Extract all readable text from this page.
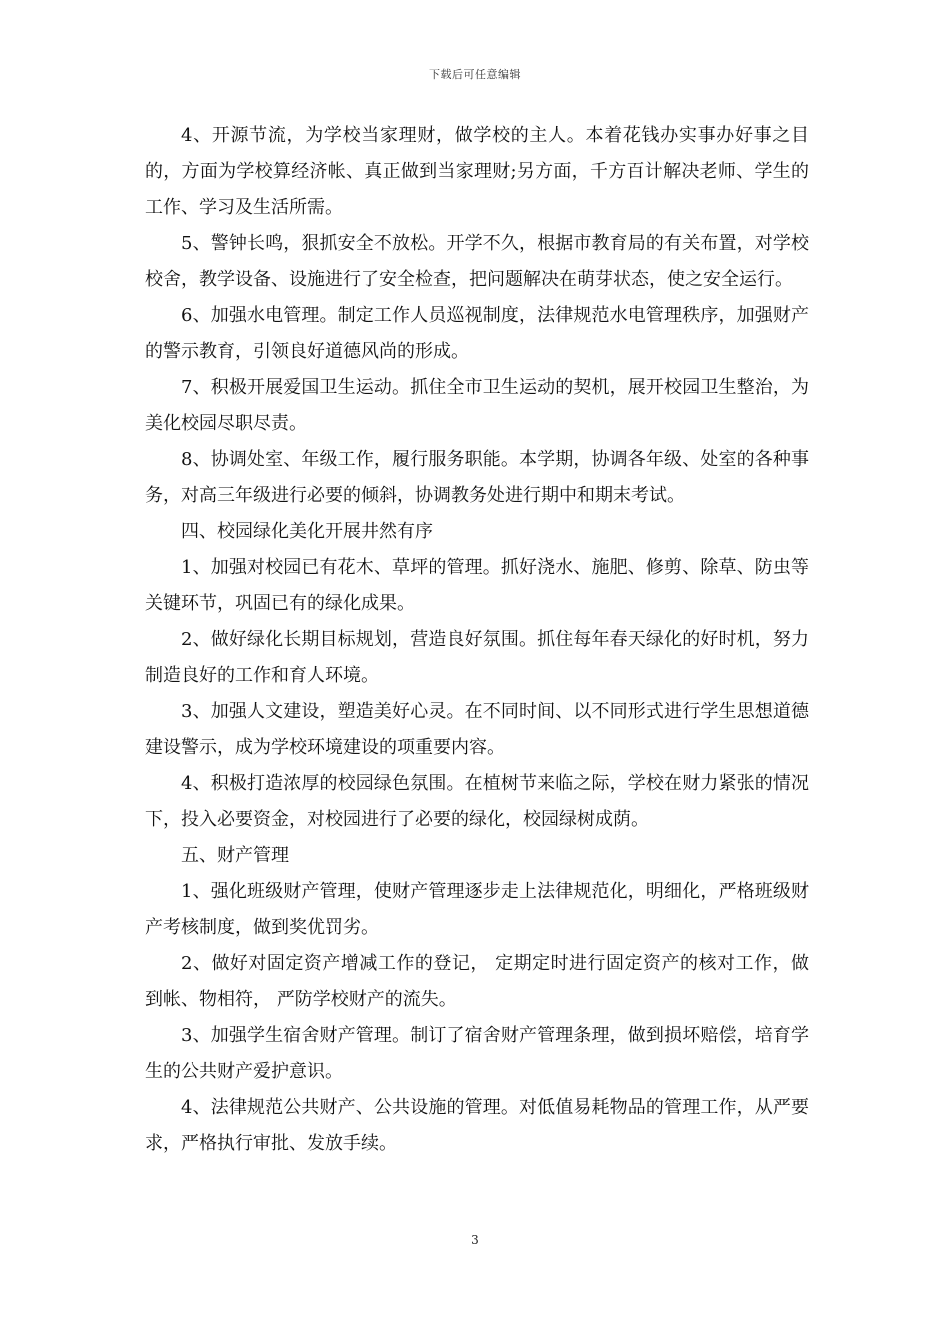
下载后可任意编辑

4、开源节流，为学校当家理财，做学校的主人。本着花钱办实事办好事之目的，方面为学校算经济帐、真正做到当家理财;另方面，千方百计解决老师、学生的工作、学习及生活所需。

5、警钟长鸣，狠抓安全不放松。开学不久，根据市教育局的有关布置，对学校校舍，教学设备、设施进行了安全检查，把问题解决在萌芽状态，使之安全运行。

6、加强水电管理。制定工作人员巡视制度，法律规范水电管理秩序，加强财产的警示教育，引领良好道德风尚的形成。

7、积极开展爱国卫生运动。抓住全市卫生运动的契机，展开校园卫生整治，为美化校园尽职尽责。

8、协调处室、年级工作，履行服务职能。本学期，协调各年级、处室的各种事务，对高三年级进行必要的倾斜，协调教务处进行期中和期末考试。

四、校园绿化美化开展井然有序

1、加强对校园已有花木、草坪的管理。抓好浇水、施肥、修剪、除草、防虫等关键环节，巩固已有的绿化成果。

2、做好绿化长期目标规划，营造良好氛围。抓住每年春天绿化的好时机，努力制造良好的工作和育人环境。

3、加强人文建设，塑造美好心灵。在不同时间、以不同形式进行学生思想道德建设警示，成为学校环境建设的项重要内容。

4、积极打造浓厚的校园绿色氛围。在植树节来临之际，学校在财力紧张的情况下，投入必要资金，对校园进行了必要的绿化，校园绿树成荫。

五、财产管理

1、强化班级财产管理，使财产管理逐步走上法律规范化，明细化，严格班级财产考核制度，做到奖优罚劣。

2、做好对固定资产增减工作的登记， 定期定时进行固定资产的核对工作，做到帐、物相符， 严防学校财产的流失。

3、加强学生宿舍财产管理。制订了宿舍财产管理条理，做到损坏赔偿，培育学生的公共财产爱护意识。

4、法律规范公共财产、公共设施的管理。对低值易耗物品的管理工作，从严要求，严格执行审批、发放手续。

3
